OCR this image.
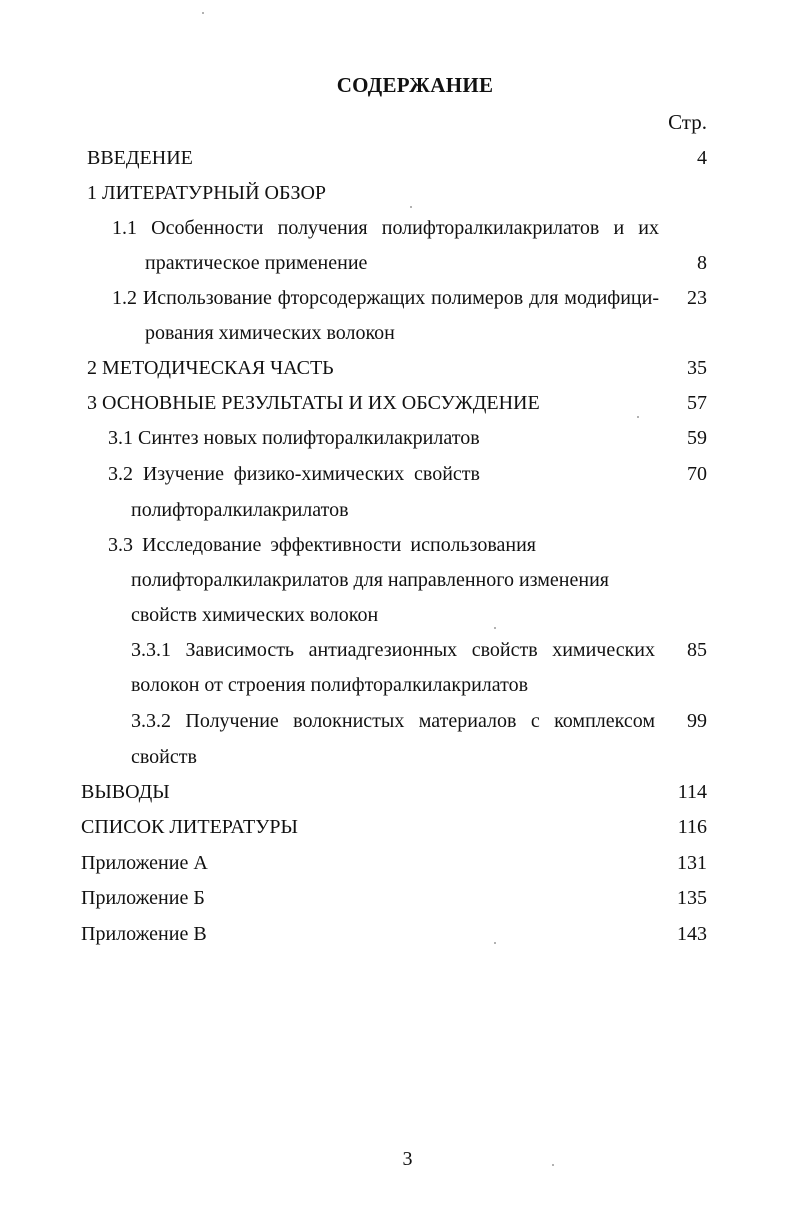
СОДЕРЖАНИЕ
Стр.
ВВЕДЕНИЕ	4
1 ЛИТЕРАТУРНЫЙ ОБЗОР
1.1 Особенности получения полифторалкилакрилатов и их
практическое применение	8
1.2 Использование фторсодержащих полимеров для модифици- 23
рования химических волокон
2 МЕТОДИЧЕСКАЯ ЧАСТЬ	35
3 ОСНОВНЫЕ РЕЗУЛЬТАТЫ И ИХ ОБСУЖДЕНИЕ	57
3.1 Синтез новых полифторалкилакрилатов	59
3.2 Изучение физико-химических свойств	70
полифторалкилакрилатов
3.3 Исследование эффективности использования
полифторалкилакрилатов для направленного изменения
свойств химических волокон
3.3.1 Зависимость антиадгезионных свойств химических 85
волокон от строения полифторалкилакрилатов
3.3.2 Получение волокнистых материалов с комплексом 99
свойств
ВЫВОДЫ	114
СПИСОК ЛИТЕРАТУРЫ	116
Приложение А	131
Приложение Б	135
Приложение В	143
3
